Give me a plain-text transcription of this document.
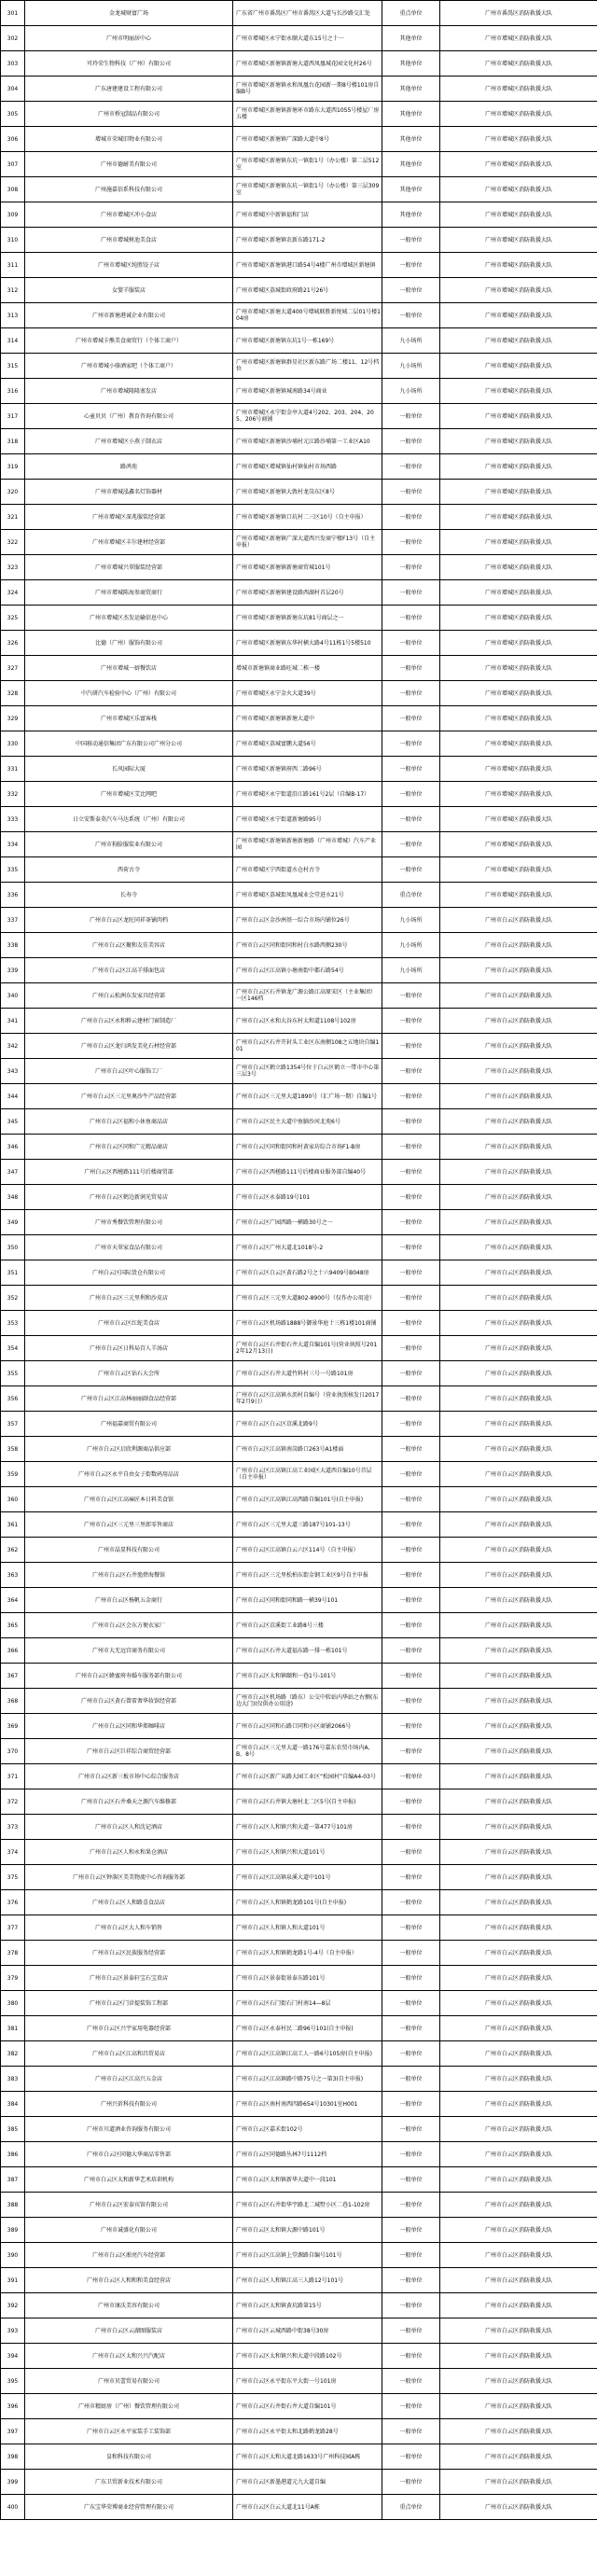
301	金龙城财富广场	广东省广州市番禺区广州市番禺区大道与长沙路交汇处	重点单位	广州市番禺区消防救援大队
302	广州市明丽居中心	广州市增城区永宁街永顺大道东15号之十一	其他单位	广州市增城区消防救援大队
303	可玲荣生物科技（广州）有限公司	广州市增城区新塘镇新塘大道西凤凰城花园文化村26号	其他单位	广州市增城区消防救援大队
304	广东唐建建设工程有限公司	广州市增城区新塘镇永和凤凰台花园新一期8号楼101房自编B号	其他单位	广州市增城区消防救援大队
305	广州市桥冠制品有限公司	广州市增城区新塘镇新塘环市路东大道西1055号楼屋厂房五楼	其他单位	广州市增城区消防救援大队
306	增城市荣城旧物业有限公司	广州市增城区新塘镇广深路大道中8号	其他单位	广州市增城区消防救援大队
307	广州市德耐美有限公司	广州市增城区新塘镇东坑一镇街1号（办公楼）第二层512室	其他单位	广州市增城区消防救援大队
308	广州施嘉信系科技有限公司	广州市增城区新塘镇东坑一镇街1号（办公楼）第三层309室	其他单位	广州市增城区消防救援大队
309	广州市增城区冲小食店	广州市增城区中新镇福和门店	其他单位	广州市增城区消防救援大队
310	广州市增城树池美食店	广州市增城区新塘镇农新东路171-2	一般单位	广州市增城区消防救援大队
311	广州市增城区纯胜饺子店	广州市增城区新塘镇港口路54号4楼广州市增城区新塘镇	一般单位	广州市增城区消防救援大队
312	女婴羊服装店	广州市增城区荔城街政府路21号26号	一般单位	广州市增城区消防救援大队
313	广州市新塘港诚企业有限公司	广州市增城区新塘大道400号增城联胜新悦城二层01号楼104房	一般单位	广州市增城区消防救援大队
314	广州市增城卡熊美食商贸行（个体工商户）	广州市增城区新塘镇东坑1号一栋169号	九小场所	广州市增城区消防救援大队
315	广州市增城小骆酒家吧（个体工商户）	广州市增城区新塘镇群星社区新东路广场二楼11、12号档位	九小场所	广州市增城区消防救援大队
316	广州市增城隆隆塞发店	广州市增城区新塘镇城南路34号商业	九小场所	广州市增城区消防救援大队
317	心童贝贝（广州）教育咨询有限公司	广州市增城区永宁街金亭大道4号202、203、204、205、206号商铺	一般单位	广州市增城区消防救援大队
318	广州市增城区小燕子制衣店	广州市增城区新塘镇沙埔村元江路沙埔第一工业区A10	一般单位	广州市增城区消防救援大队
319	路鸿苑	广州市增城区增城镇仙村镇仙村市场西路	一般单位	广州市增城区消防救援大队
320	广州市增城泓鑫名灯饰器材	广州市增城区新塘镇大敦村龙岗东区8号	一般单位	广州市增城区消防救援大队
321	广州市增城区深兆服装经营部	广州市增城区新塘镇口坑村二三区10号（自主申报）	一般单位	广州市增城区消防救援大队
322	广州市增城区丰尔建材经营部	广州市增城区新塘镇广深大道西兴发商宁楼F13号（自主申报）	一般单位	广州市增城区消防救援大队
323	广州市增城兴翠服装经营部	广州市增城区新塘镇新塘商贸城101号	一般单位	广州市增城区消防救援大队
324	广州市增城陈海参商贸商行	广州市增城区新塘镇建设路西湖村首层20号	一般单位	广州市增城区消防救援大队
325	广州市增城区杰发运输信息中心	广州市增城区新塘镇新塘东坑81号商层之一	一般单位	广州市增城区消防救援大队
326	比德（广州）服饰有限公司	广州市增城区新塘镇东华村横大路4号11栋1号5楼510	一般单位	广州市增城区消防救援大队
327	广州市增城一厨餐饮店	增城市新塘镇商业路旺城二栋一楼	一般单位	广州市增城区消防救援大队
328	中汽研汽车检验中心（广州）有限公司	广州市增城区永宁金火大道39号	一般单位	广州市增城区消防救援大队
329	广州市增城区乐富客栈	广州市增城区新塘镇新塘大道中	一般单位	广州市增城区消防救援大队
330	中国移动通信集团广东有限公司广州分公司	广州市增城区荔城富鹏大道56号	一般单位	广州市增城区消防救援大队
331	长风园际大厦	广州市增城区新塘镇府西二路96号	一般单位	广州市增城区消防救援大队
332	广州市增城区艾比网吧	广州市增城区永宁街道沿江路161号2层（自编B-17）	一般单位	广州市增城区消防救援大队
333	日立安斯泰莫汽车马达系统（广州）有限公司	广州市增城区永宁街道新塘路95号	一般单位	广州市增城区消防救援大队
334	广州市狗脸服装业有限公司	广州市增城区新塘镇新塘新塘路（广州市增城）汽车产业园	一般单位	广州市增城区消防救援大队
335	西荷古寺	广州市增城区宁西街道水仓村古寺	一般单位	广州市增城区消防救援大队
336	长寿寺	广州市增城区荔城街凤凰城业会堂进水21号	重点单位	广州市增城区消防救援大队
337	广州市白云区龙旺同祥茶铺肉档	广州市白云区金沙洲基一综合市场内铺位26号	九小场所	广州市白云区消防救援大队
338	广州市白云区聚和友佳美容店	广州市白云区同和街同和村白水路西侧230号	九小场所	广州市白云区消防救援大队
339	广州市白云区江高羊排面包店	广州市白云区江高镇小塘南街中都石路54号	九小场所	广州市白云区消防救援大队
340	广州白云松洲东发家具经营部	广州市白云区石井镇龙广源公路江高原宋区（主业集团）一区146档	一般单位	广州市白云区消防救援大队
341	广州市白云区永和粹云建材门窗制造厂	广州市白云区永和大谷东村太和道1108号102房	一般单位	广州市白云区消防救援大队
342	广州市白云区龙归鸿发美化石材经营部	广州市白云区石井开封头工业区东南侧108之五地块自编101	一般单位	广州市白云区消防救援大队
343	广州市白云区叶心服饰工厂	广州市白云区鹤立路1354号位于白云区鹤立一带市中心第三层3号	一般单位	广州市白云区消防救援大队
344	广州市白云区三元里奥沙牛产品经营部	广州市白云区三元里大道1890号（汇广场一期）自编1号	一般单位	广州市白云区消防救援大队
345	广州市白云区福和小休鱼商品店	广州市白云区民主大道中鱼腩沙河北苑6号	一般单位	广州市白云区消防救援大队
346	广州市白云区同和广元精品商店	广州市白云区同和街同和村黄家坊综合市场F1-B房	一般单位	广州市白云区消防救援大队
347	广州白云区西槎路111号后楼商贸部	广州市白云区西槎路111号后楼商业服务部自编40号	一般单位	广州市白云区消防救援大队
348	广州市白云区鹤边新润光贸易店	广州市白云区永泰路19号101	一般单位	广州市白云区消防救援大队
349	广州市秀餐饮管理有限公司	广州市白云区广园西路一横路30号之一	一般单位	广州市白云区消防救援大队
350	广州市天翠家食品有限公司	广州市白云区广州大道北1018号-2	一般单位	广州市白云区消防救援大队
351	广州白云区国际货仓有限公司	广州市白云区白云区黄石路2号之十六9409号B048房	一般单位	广州市白云区消防救援大队
352	广州市白云区三元里利和沙皮店	广州市白云区三元里大道802-8900号（仅作办公用途）	一般单位	广州市白云区消防救援大队
353	广州市白云区红蛇美食店	广州市白云区机场路1888号御景华庭十三栋1楼101商铺	一般单位	广州市白云区消防救援大队
354	广州市白云区日科局百人羊汤店	广州市白云区石井街石井大道自编101号(营业执照号2012年12月13日)	一般单位	广州市白云区消防救援大队
355	广州市白云区钻石大会所	广州市白云区石井大道竹料村三号一号路101房	一般单位	广州市白云区消防救援大队
356	广州市白云区江高林丽丽副食品经营部	广州市白云区江高镇水沥村自编号（营业执照核发日2017年2月9日）	一般单位	广州市白云区消防救援大队
357	广州福嘉商贸有限公司	广州市白云区白云区京溪北路9号	一般单位	广州市白云区消防救援大队
358	广州市白云区启欣利源商品供应部	广州市白云区江高镇南岗路口263号A1楼面	一般单位	广州市白云区消防救援大队
359	广州市白云区永平自由女子街数码用品店	广州市白云区江高镇江高工业园区大道西自编10号首层（自主申报）	一般单位	广州市白云区消防救援大队
360	广州市白云区江高麻匠本日料美食馆	广州市白云区江高镇江高西路自编101号(自主申报)	一般单位	广州市白云区消防救援大队
361	广州市白云区三元里三里郎零售商店	广州市白云区三元里大道三路187号101-13号	一般单位	广州市白云区消防救援大队
362	广州市晶显科技有限公司	广州市白云区江高镇白云六区114号（自主申报）	一般单位	广州市白云区消防救援大队
363	广州市白云区石井渔碧海餐馆	广州市白云区三元里松柏东街金钢工业区9号自主申报	一般单位	广州市白云区消防救援大队
364	广州市白云区杨帆五金商行	广州市白云区同和街同和路一横39号101	一般单位	广州市白云区消防救援大队
365	广州市白云区会东方便衣家厂	广州市白云区京溪街工业路8号三楼	一般单位	广州市白云区消防救援大队
366	广州市大无远宫商务有限公司	广州市白云区石井大道福东路一排一栋101号	一般单位	广州市白云区消防救援大队
367	广州市白云区蜂蜜府寿婚车服务部有限公司	广州市白云区太和镇颐和一巷1号-101号	一般单位	广州市白云区消防救援大队
368	广州市白云区黄石曾雷奢华妆馆经营部	广州市白云区机场路（路东）公交中转站内华站之右侧(东边大门)(仅供办公用途)	一般单位	广州市白云区消防救援大队
369	广州市白云区同和华郑咖啡店	广州市白云区同和石路口同和小区商铺2066号	一般单位	广州市白云区消防救援大队
370	广州市白云区巨祥综合商贸经营部	广州市白云区三元里大道一路176号嘉东农贸市场内A、B、8号	一般单位	广州市白云区消防救援大队
371	广州市白云区新三板市场中心综合服务店	广州市白云区新广从路大园工业区“松园村”自编A4-03号	一般单位	广州市白云区消防救援大队
372	广州市白云区石井桑天之源汽车维修部	广州市白云区石井镇大塘村北二区5号(自主申报)	一般单位	广州市白云区消防救援大队
373	广州市白云区人和沈记酒店	广州市白云区人和镇兴和大道一第477号101房	一般单位	广州市白云区消防救援大队
374	广州市白云区人和永和果仓酒店	广州市白云区人和镇兴和大道101号	一般单位	广州市白云区消防救援大队
375	广州市白云区钟落区美美物流中心咨询服务部	广州市白云区江高镇泉溪大道中101号	一般单位	广州市白云区消防救援大队
376	广州市白云区人和路喜食品店	广州市白云区人和镇鹤龙路101号(自主申报)	一般单位	广州市白云区消防救援大队
377	广州市白云区大人和车销售	广州市白云区人和镇人和大道101号	一般单位	广州市白云区消防救援大队
378	广州市白云区民族服务经营部	广州市白云区人和镇鹤龙路1号-4号（自主申报）	一般单位	广州市白云区消防救援大队
379	广州市白云区景泰轩宝石宝贵店	广州市白云区景泰街景泰东路101号	一般单位	广州市白云区消防救援大队
380	广州市白云区门诊提装饰工程部	广州市白云区石门街石门村南14—8层	一般单位	广州市白云区消防救援大队
381	广州市白云区兴宇家用电器经营部	广州市白云区永泰村民二路96号101(自主申报)	一般单位	广州市白云区消防救援大队
382	广州市白云区江高和昌贸易店	广州市白云区江高镇江高工人一路6号105房(自主申报)	一般单位	广州市白云区消防救援大队
383	广州市白云区江高兴五金店	广州市白云区江高镇路中路75号之一第3(自主申报)	一般单位	广州市白云区消防救援大队
384	广州兴祈科技有限公司	广州市白云区南村南西四路654号10301室H001	一般单位	广州市白云区消防救援大队
385	广州市川道酒业咨询服务有限公司	广州市白云区嘉禾街102号	一般单位	广州市白云区消防救援大队
386	广州市白云区同德大华商品零售部	广州市白云区同德路丛林7号1112档	一般单位	广州市白云区消防救援大队
387	广州市白云区太和新华艺术培训机构	广州市白云区太和镇新华大道中一段101	一般单位	广州市白云区消防救援大队
388	广州市白云区宏泰宾馆有限公司	广州市白云区石井街华宇路北二城墅小区二巷1-102房	一般单位	广州市白云区消防救援大队
389	广州市诚盛化有限公司	广州市白云区太和镇大源中路101号	一般单位	广州市白云区消防救援大队
390	广州市白云区淞亮汽车经营部	广州市白云区江高镇上堂源路自编号101号	一般单位	广州市白云区消防救援大队
391	广州市白云区人和和和美食经营店	广州市白云区人和镇江高三人路12号101号	一般单位	广州市白云区消防救援大队
392	广州市康沃美容有限公司	广州市白云区太和镇黄坑路第15号	一般单位	广州市白云区消防救援大队
393	广州市白云区云湖图服装店	广州市白云区云城西路中街38号30房	一般单位	广州市白云区消防救援大队
394	广州市白云区太和兴兴汽配店	广州市白云区太和镇兴和大道中段路102号	一般单位	广州市白云区消防救援大队
395	广州市贝蕾贸易有限公司	广州市白云区永平街东平大街一号101房	一般单位	广州市白云区消防救援大队
396	广州市精厨房（广州）餐饮管理有限公司	广州市白云区石井街石井大道自编101号	一般单位	广州市白云区消防救援大队
397	广州市白云区永平家装手工装饰部	广州市白云区永平街太和北路鹤龙路28号	一般单位	广州市白云区消防救援大队
398	皇和科技有限公司	广州市白云区太和大道北路1633号广州科技园A栋	一般单位	广州市白云区消防救援大队
399	广东卫贸新业技术有限公司	广州市白云区新墨港道元九大道自编	一般单位	广州市白云区消防救援大队
400	广东宝华荣博商业经营管理有限公司	广州市白云区白云大道北11号A栋	重点单位	广州市白云区消防救援大队
